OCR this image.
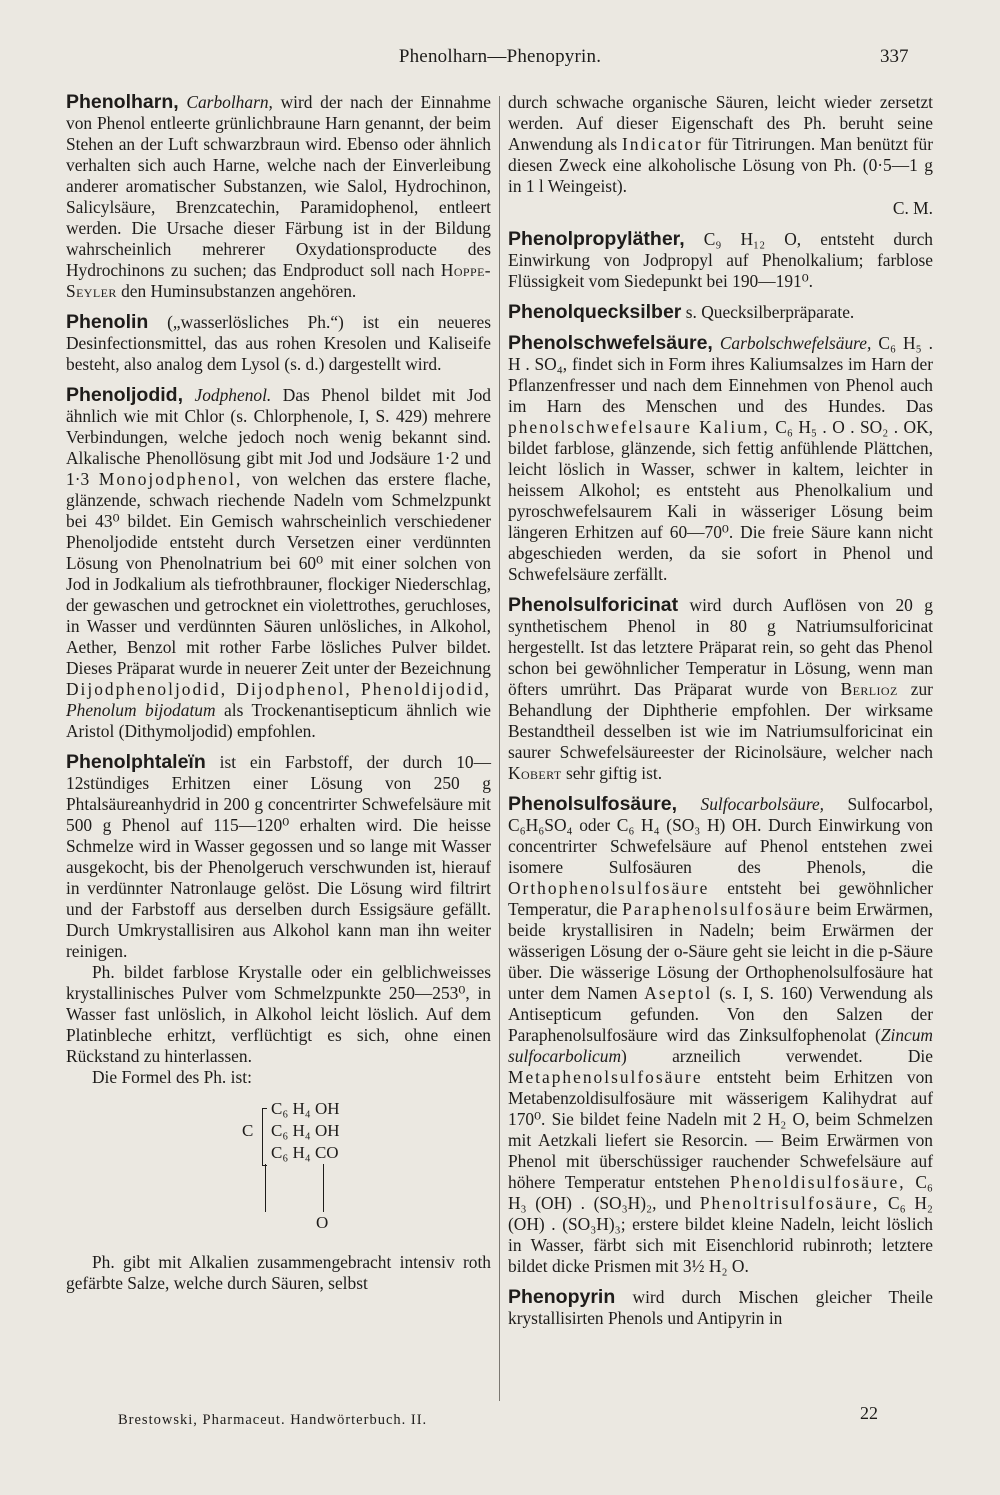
Phenolharn—Phenopyrin.	337

Phenolharn, Carbolharn, wird der nach der Einnahme von Phenol entleerte grünlichbraune Harn genannt, der beim Stehen an der Luft schwarzbraun wird. Ebenso oder ähnlich verhalten sich auch Harne, welche nach der Einverleibung anderer aromatischer Substanzen, wie Salol, Hydrochinon, Salicylsäure, Brenzcatechin, Paramidophenol, entleert werden. Die Ursache dieser Färbung ist in der Bildung wahrscheinlich mehrerer Oxydationsproducte des Hydrochinons zu suchen; das Endproduct soll nach Hoppe-Seyler den Huminsubstanzen angehören.

Phenolin („wasserlösliches Ph.“) ist ein neueres Desinfectionsmittel, das aus rohen Kresolen und Kaliseife besteht, also analog dem Lysol (s. d.) dargestellt wird.

Phenoljodid, Jodphenol. Das Phenol bildet mit Jod ähnlich wie mit Chlor (s. Chlorphenole, I, S. 429) mehrere Verbindungen, welche jedoch noch wenig bekannt sind. Alkalische Phenollösung gibt mit Jod und Jodsäure 1·2 und 1·3 Monojodphenol, von welchen das erstere flache, glänzende, schwach riechende Nadeln vom Schmelzpunkt bei 43⁰ bildet. Ein Gemisch wahrscheinlich verschiedener Phenoljodide entsteht durch Versetzen einer verdünnten Lösung von Phenolnatrium bei 60⁰ mit einer solchen von Jod in Jodkalium als tiefrothbrauner, flockiger Niederschlag, der gewaschen und getrocknet ein violettrothes, geruchloses, in Wasser und verdünnten Säuren unlösliches, in Alkohol, Aether, Benzol mit rother Farbe lösliches Pulver bildet. Dieses Präparat wurde in neuerer Zeit unter der Bezeichnung Dijodphenoljodid, Dijodphenol, Phenoldijodid, Phenolum bijodatum als Trockenantisepticum ähnlich wie Aristol (Dithymoljodid) empfohlen.

Phenolphtaleïn ist ein Farbstoff, der durch 10—12stündiges Erhitzen einer Lösung von 250 g Phtalsäureanhydrid in 200 g concentrirter Schwefelsäure mit 500 g Phenol auf 115—120⁰ erhalten wird. Die heisse Schmelze wird in Wasser gegossen und so lange mit Wasser ausgekocht, bis der Phenolgeruch verschwunden ist, hierauf in verdünnter Natronlauge gelöst. Die Lösung wird filtrirt und der Farbstoff aus derselben durch Essigsäure gefällt. Durch Umkrystallisiren aus Alkohol kann man ihn weiter reinigen.

Ph. bildet farblose Krystalle oder ein gelblichweisses krystallinisches Pulver vom Schmelzpunkte 250—253⁰, in Wasser fast unlöslich, in Alkohol leicht löslich. Auf dem Platinbleche erhitzt, verflüchtigt es sich, ohne einen Rückstand zu hinterlassen.

Die Formel des Ph. ist:

C
C₆ H₄ OH
C₆ H₄ OH
C₆ H₄ CO
O

Ph. gibt mit Alkalien zusammengebracht intensiv roth gefärbte Salze, welche durch Säuren, selbst

durch schwache organische Säuren, leicht wieder zersetzt werden. Auf dieser Eigenschaft des Ph. beruht seine Anwendung als Indicator für Titrirungen. Man benützt für diesen Zweck eine alkoholische Lösung von Ph. (0·5—1 g in 1 l Weingeist).

C. M.

Phenolpropyläther, C₉ H₁₂ O, entsteht durch Einwirkung von Jodpropyl auf Phenolkalium; farblose Flüssigkeit vom Siedepunkt bei 190—191⁰.

Phenolquecksilber s. Quecksilberpräparate.

Phenolschwefelsäure, Carbolschwefelsäure, C₆ H₅ . H . SO₄, findet sich in Form ihres Kaliumsalzes im Harn der Pflanzenfresser und nach dem Einnehmen von Phenol auch im Harn des Menschen und des Hundes. Das phenolschwefelsaure Kalium, C₆ H₅ . O . SO₂ . OK, bildet farblose, glänzende, sich fettig anfühlende Plättchen, leicht löslich in Wasser, schwer in kaltem, leichter in heissem Alkohol; es entsteht aus Phenolkalium und pyroschwefelsaurem Kali in wässeriger Lösung beim längeren Erhitzen auf 60—70⁰. Die freie Säure kann nicht abgeschieden werden, da sie sofort in Phenol und Schwefelsäure zerfällt.

Phenolsulforicinat wird durch Auflösen von 20 g synthetischem Phenol in 80 g Natriumsulforicinat hergestellt. Ist das letztere Präparat rein, so geht das Phenol schon bei gewöhnlicher Temperatur in Lösung, wenn man öfters umrührt. Das Präparat wurde von Berlioz zur Behandlung der Diphtherie empfohlen. Der wirksame Bestandtheil desselben ist wie im Natriumsulforicinat ein saurer Schwefelsäureester der Ricinolsäure, welcher nach Kobert sehr giftig ist.

Phenolsulfosäure, Sulfocarbolsäure, Sulfocarbol, C₆H₆SO₄ oder C₆ H₄ (SO₃ H) OH. Durch Einwirkung von concentrirter Schwefelsäure auf Phenol entstehen zwei isomere Sulfosäuren des Phenols, die Orthophenolsulfosäure entsteht bei gewöhnlicher Temperatur, die Paraphenolsulfosäure beim Erwärmen, beide krystallisiren in Nadeln; beim Erwärmen der wässerigen Lösung der o-Säure geht sie leicht in die p-Säure über. Die wässerige Lösung der Orthophenolsulfosäure hat unter dem Namen Aseptol (s. I, S. 160) Verwendung als Antisepticum gefunden. Von den Salzen der Paraphenolsulfosäure wird das Zinksulfophenolat (Zincum sulfocarbolicum) arzneilich verwendet. Die Metaphenolsulfosäure entsteht beim Erhitzen von Metabenzoldisulfosäure mit wässerigem Kalihydrat auf 170⁰. Sie bildet feine Nadeln mit 2 H₂ O, beim Schmelzen mit Aetzkali liefert sie Resorcin. — Beim Erwärmen von Phenol mit überschüssiger rauchender Schwefelsäure auf höhere Temperatur entstehen Phenoldisulfosäure, C₆ H₃ (OH) . (SO₃H)₂, und Phenoltrisulfosäure, C₆ H₂ (OH) . (SO₃H)₃; erstere bildet kleine Nadeln, leicht löslich in Wasser, färbt sich mit Eisenchlorid rubinroth; letztere bildet dicke Prismen mit 3½ H₂ O.

Phenopyrin wird durch Mischen gleicher Theile krystallisirten Phenols und Antipyrin in

Brestowski, Pharmaceut. Handwörterbuch. II.	22
